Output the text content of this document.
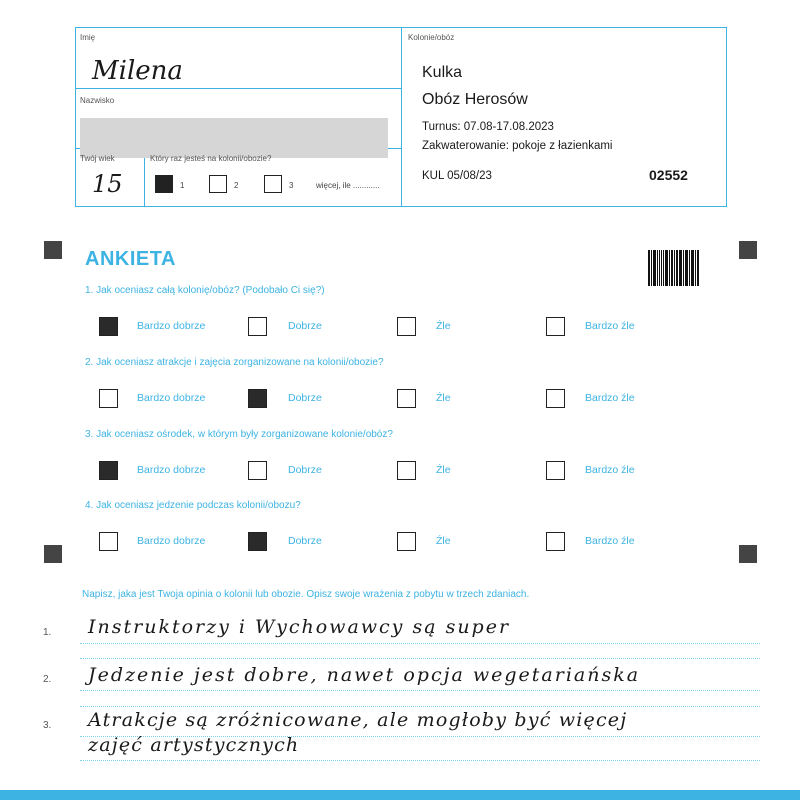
Imię
Milena
Nazwisko
Twój wiek
15
Który raz jesteś na kolonii/obozie?
1	2	3	więcej, ile ............
Kolonie/obóz
Kulka
Obóz Herosów
Turnus: 07.08-17.08.2023
Zakwaterowanie: pokoje z łazienkami
KUL 05/08/23	02552
ANKIETA
1. Jak oceniasz całą kolonię/obóz? (Podobało Ci się?)
Bardzo dobrze	Dobrze	Źle	Bardzo źle
2. Jak oceniasz atrakcje i zajęcia zorganizowane na kolonii/obozie?
Bardzo dobrze	Dobrze	Źle	Bardzo źle
3. Jak oceniasz ośrodek, w którym były zorganizowane kolonie/obóz?
Bardzo dobrze	Dobrze	Źle	Bardzo źle
4. Jak oceniasz jedzenie podczas kolonii/obozu?
Bardzo dobrze	Dobrze	Źle	Bardzo źle
Napisz, jaka jest Twoja opinia o kolonii lub obozie. Opisz swoje wrażenia z pobytu w trzech zdaniach.
1. Instruktorzy i Wychowawcy są super
2. Jedzenie jest dobre, nawet opcja wegetariańska
3. Atrakcje są zróżnicowane, ale mogłoby być więcej
zajęć artystycznych
